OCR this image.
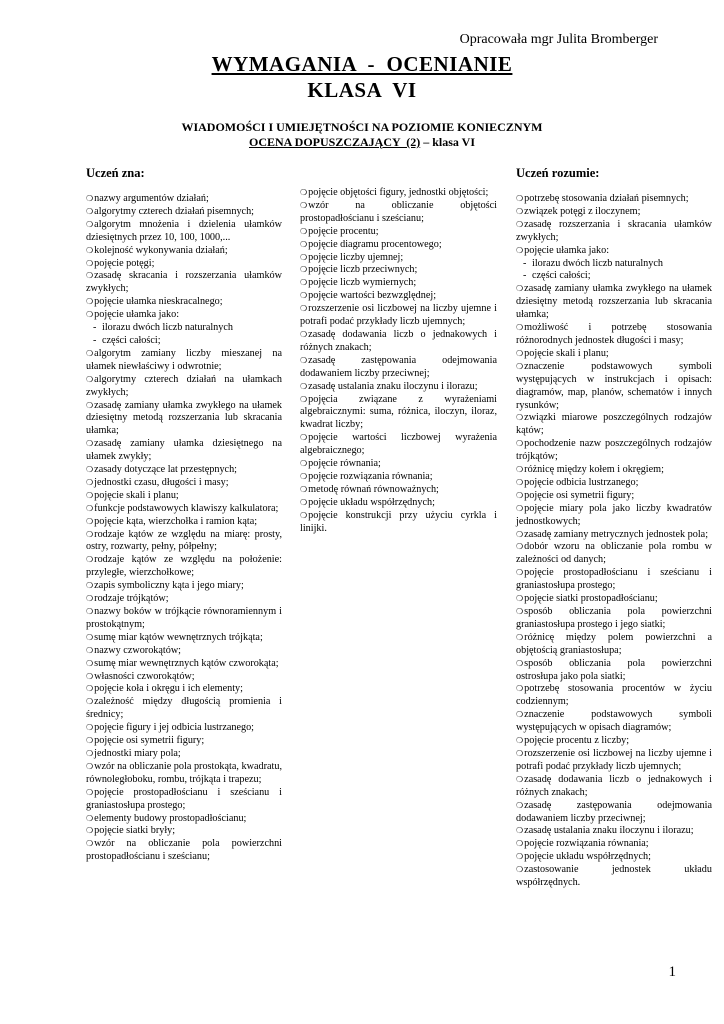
Opracowała mgr Julita Bromberger
WYMAGANIA  -  OCENIANIE
KLASA  VI
WIADOMOŚCI I UMIEJĘTNOŚCI NA POZIOMIE KONIECZNYM
OCENA DOPUSZCZAJĄCY  (2) – klasa VI
Uczeń zna:
❍nazwy argumentów działań;
❍algorytmy czterech działań pisemnych;
❍algorytm mnożenia i dzielenia ułamków dziesiętnych przez 10, 100, 1000,...
❍kolejność wykonywania działań;
❍pojęcie potęgi;
❍zasadę skracania i rozszerzania ułamków zwykłych;
❍pojęcie ułamka nieskracalnego;
❍pojęcie ułamka jako:
- ilorazu dwóch liczb naturalnych
- części całości;
❍algorytm zamiany liczby mieszanej na ułamek niewłaściwy i odwrotnie;
❍algorytmy czterech działań na ułamkach zwykłych;
❍zasadę zamiany ułamka zwykłego na ułamek dziesiętny metodą rozszerzania lub skracania ułamka;
❍zasadę zamiany ułamka dziesiętnego na ułamek zwykły;
❍zasady dotyczące lat przestępnych;
❍jednostki czasu, długości i masy;
❍pojęcie skali i planu;
❍funkcje podstawowych klawiszy kalkulatora;
❍pojęcie kąta, wierzchołka i ramion kąta;
❍rodzaje kątów ze względu na miarę: prosty, ostry, rozwarty, pełny, półpełny;
❍rodzaje kątów ze względu na położenie: przyległe, wierzchołkowe;
❍zapis symboliczny kąta i jego miary;
❍rodzaje trójkątów;
❍nazwy boków w trójkącie równoramiennym i prostokątnym;
❍sumę miar kątów wewnętrznych trójkąta;
❍nazwy czworokątów;
❍sumę miar wewnętrznych kątów czworokąta;
❍własności czworokątów;
❍pojęcie koła i okręgu i ich elementy;
❍zależność między długością promienia i średnicy;
❍pojęcie figury i jej odbicia lustrzanego;
❍pojęcie osi symetrii figury;
❍jednostki miary pola;
❍wzór na obliczanie pola prostokąta, kwadratu, równoległoboku, rombu, trójkąta i trapezu;
❍pojęcie prostopadłościanu i sześcianu i graniastosłupa prostego;
❍elementy budowy prostopadłościanu;
❍pojęcie siatki bryły;
❍wzór na obliczanie pola powierzchni prostopadłościanu i sześcianu;
❍pojęcie objętości figury, jednostki objętości;
❍wzór na obliczanie objętości prostopadłościanu i sześcianu;
❍pojęcie procentu;
❍pojęcie diagramu procentowego;
❍pojęcie liczby ujemnej;
❍pojęcie liczb przeciwnych;
❍pojęcie liczb wymiernych;
❍pojęcie wartości bezwzględnej;
❍rozszerzenie osi liczbowej na liczby ujemne i potrafi podać przykłady liczb ujemnych;
❍zasadę dodawania liczb o jednakowych i różnych znakach;
❍zasadę zastępowania odejmowania dodawaniem liczby przeciwnej;
❍zasadę ustalania znaku iloczynu i ilorazu;
❍pojęcia związane z wyrażeniami algebraicznymi: suma, różnica, iloczyn, iloraz, kwadrat liczby;
❍pojęcie wartości liczbowej wyrażenia algebraicznego;
❍pojęcie równania;
❍pojęcie rozwiązania równania;
❍metodę równań równoważnych;
❍pojęcie układu współrzędnych;
❍pojęcie konstrukcji przy użyciu cyrkla i linijki.
Uczeń rozumie:
❍potrzebę stosowania działań pisemnych;
❍związek potęgi z iloczynem;
❍zasadę rozszerzania i skracania ułamków zwykłych;
❍pojęcie ułamka jako:
- ilorazu dwóch liczb naturalnych
- części całości;
❍zasadę zamiany ułamka zwykłego na ułamek dziesiętny metodą rozszerzania lub skracania ułamka;
❍możliwość i potrzebę stosowania różnorodnych jednostek długości i masy;
❍pojęcie skali i planu;
❍znaczenie podstawowych symboli występujących w instrukcjach i opisach: diagramów, map, planów, schematów i innych rysunków;
❍związki miarowe poszczególnych rodzajów kątów;
❍pochodzenie nazw poszczególnych rodzajów trójkątów;
❍różnicę między kołem i okręgiem;
❍pojęcie odbicia lustrzanego;
❍pojęcie osi symetrii figury;
❍pojęcie miary pola jako liczby kwadratów jednostkowych;
❍zasadę zamiany metrycznych jednostek pola;
❍dobór wzoru na obliczanie pola rombu w zależności od danych;
❍pojęcie prostopadłościanu i sześcianu i graniastosłupa prostego;
❍pojęcie siatki prostopadłościanu;
❍sposób obliczania pola powierzchni graniastosłupa prostego i jego siatki;
❍różnicę między polem powierzchni a objętością graniastosłupa;
❍sposób obliczania pola powierzchni ostrosłupa jako pola siatki;
❍potrzebę stosowania procentów w życiu codziennym;
❍znaczenie podstawowych symboli występujących w opisach diagramów;
❍pojęcie procentu z liczby;
❍rozszerzenie osi liczbowej na liczby ujemne i potrafi podać przykłady liczb ujemnych;
❍zasadę dodawania liczb o jednakowych i różnych znakach;
❍zasadę zastępowania odejmowania dodawaniem liczby przeciwnej;
❍zasadę ustalania znaku iloczynu i ilorazu;
❍pojęcie rozwiązania równania;
❍pojęcie układu współrzędnych;
❍zastosowanie jednostek układu współrzędnych.
1
